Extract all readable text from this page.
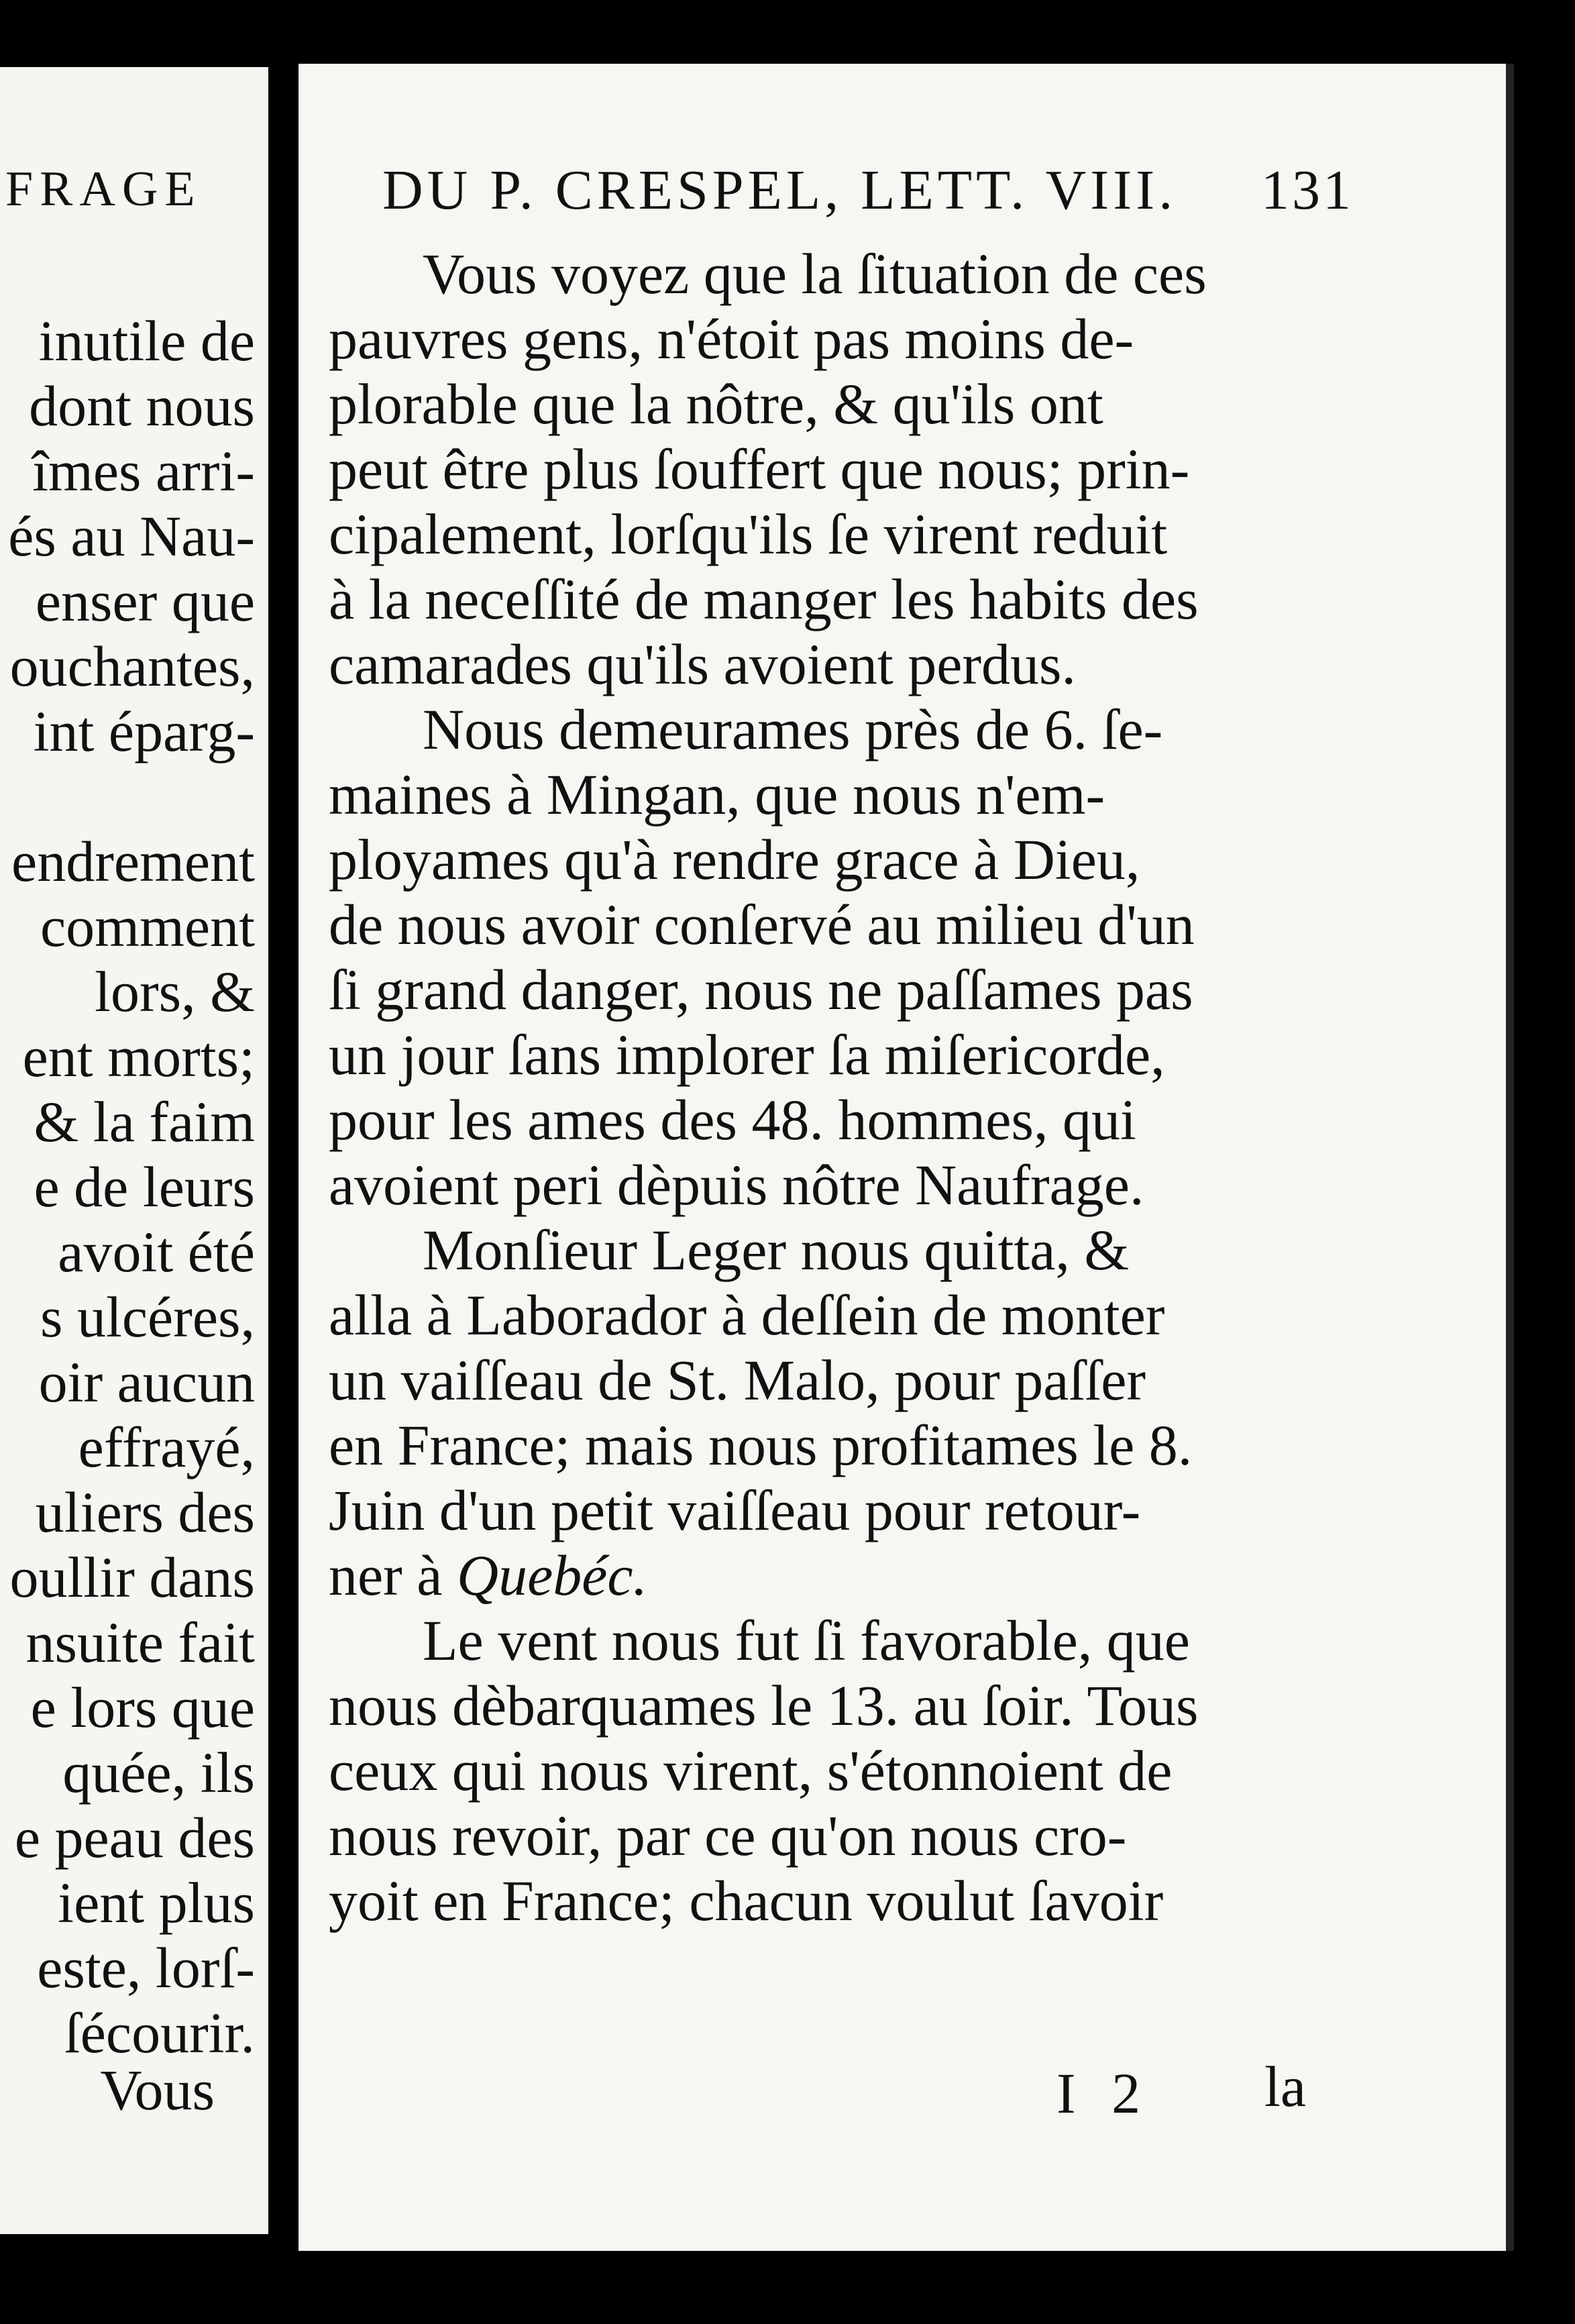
FRAGE
inutile de
dont nous
îmes arri-
és au Nau-
enser que
ouchantes,
int éparg-
endrement
comment
lors, &
ent morts;
& la faim
e de leurs
avoit été
s ulcéres,
oir aucun
effrayé,
uliers des
oullir dans
nsuite fait
e lors que
quée, ils
e peau des
ient plus
este, lorſ-
ſécourir.
Vous
DU P. CRESPEL, LETT. VIII. 131
Vous voyez que la ſituation de ces
pauvres gens, n'étoit pas moins de-
plorable que la nôtre, & qu'ils ont
peut être plus ſouffert que nous; prin-
cipalement, lorſqu'ils ſe virent reduit
à la neceſſité de manger les habits des
camarades qu'ils avoient perdus.
Nous demeurames près de 6. ſe-
maines à Mingan, que nous n'em-
ployames qu'à rendre grace à Dieu,
de nous avoir conſervé au milieu d'un
ſi grand danger, nous ne paſſames pas
un jour ſans implorer ſa miſericorde,
pour les ames des 48. hommes, qui
avoient peri dèpuis nôtre Naufrage.
Monſieur Leger nous quitta, &
alla à Laborador à deſſein de monter
un vaiſſeau de St. Malo, pour paſſer
en France; mais nous profitames le 8.
Juin d'un petit vaiſſeau pour retour-
ner à Quebéc.
Le vent nous fut ſi favorable, que
nous dèbarquames le 13. au ſoir. Tous
ceux qui nous virent, s'étonnoient de
nous revoir, par ce qu'on nous cro-
yoit en France; chacun voulut ſavoir
I 2 la
